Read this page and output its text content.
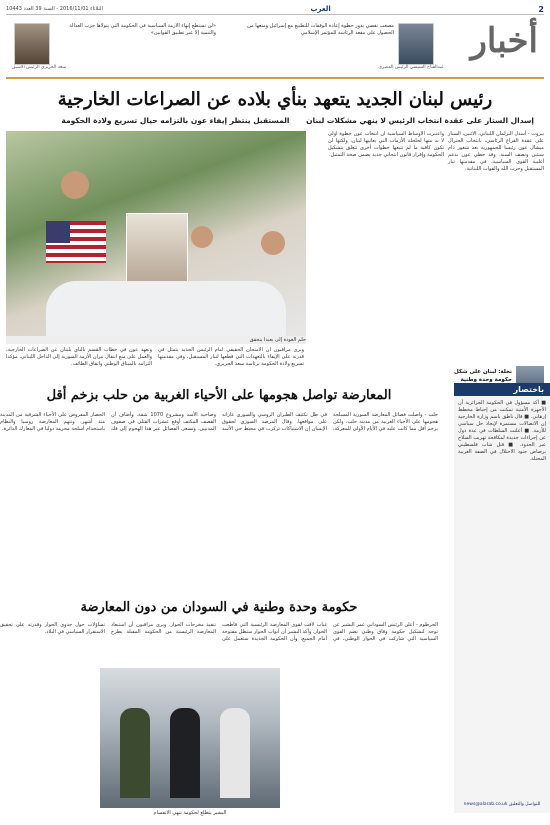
2
العرب
الثلاثاء 2016/11/01 - السنة 39 العدد 10443
أخبار
مصعب تقضي بدور خطوة إعادة الوقفات للتطبيع مع إسرائيل ومنعها من الحصول على مقعد الرئاسة للمؤتمر الإسلامي
عبدالفتاح السيسي الرئيس المصري
«لن نستطع إنهاء الازمة السياسية في الحكومة التي يتولاها حزب العدالة والتنمية إلا عبر تطبيق القوانين»
سعد الحريري الرئيس الأسبق
رئيس لبنان الجديد يتعهد بنأي بلاده عن الصراعات الخارجية
إسدال الستار على عقدة انتخاب الرئيس لا ينهي مشكلات لبنان المستقبل ينتظر إيفاء عون بالتزامه حيال تسريع ولادة الحكومة
بيروت - أسدل البرلمان اللبناني، الاثنين، الستار على عقدة الفراغ الرئاسي، بانتخاب الجنرال ميشال عون رئيسا للجمهورية بعد شغور دام سنتين ونصف السنة. وقد حظي عون بدعم أغلبية القوى السياسية، في مقدمتها تيار المستقبل وحزب الله والقوات اللبنانية.
نخلة: لبنان على شكل حكومة وحدة وطنية
واعتبرت الأوساط السياسية أن انتخاب عون خطوة أولى لا بد منها لحلحلة الأزمات التي يعانيها لبنان، ولكنها لن تكون كافية ما لم تتبعها خطوات أخرى تتعلق بتشكيل الحكومة وإقرار قانون انتخابي جديد يضمن صحة التمثيل.
حلم العودة إلى بعبدا يتحقق
وتعهد عون في خطاب القسم بالنأي بلبنان عن الصراعات الخارجية، والعمل على منع انتقال نيران الأزمة السورية إلى الداخل اللبناني، مؤكدا التزامه بالميثاق الوطني واتفاق الطائف.
ويرى مراقبون أن الامتحان الحقيقي أمام الرئيس الجديد يتمثل في قدرته على الإيفاء بالتعهدات التي قطعها لتيار المستقبل، وفي مقدمتها تسريع ولادة الحكومة برئاسة سعد الحريري.
باختصار
■ أكد مسؤول في الحكومة الجزائرية أن الأجهزة الأمنية تمكنت من إحباط مخطط إرهابي. ■ قال ناطق باسم وزارة الخارجية إن الاتصالات مستمرة لإيجاد حل سياسي للأزمة. ■ أعلنت السلطات في عدة دول عن إجراءات جديدة لمكافحة تهريب السلاح عبر الحدود. ■ قتل شاب فلسطيني برصاص جنود الاحتلال في الضفة الغربية المحتلة.
للتواصل والتعليق news@alarab.co.uk
المعارضة تواصل هجومها على الأحياء الغربية من حلب بزخم أقل
حلب - واصلت فصائل المعارضة السورية المسلحة هجومها على الأحياء الغربية من مدينة حلب، ولكن بزخم أقل مما كانت عليه في الأيام الأولى للمعركة، في ظل تكثيف الطيران الروسي والسوري غاراته على مواقعها. وقال المرصد السوري لحقوق الإنسان إن الاشتباكات تركزت في محيط حي الأسد وضاحية الأسد ومشروع 1070 شقة. وأضاف أن القصف المكثف أوقع عشرات القتلى في صفوف المدنيين. وتسعى الفصائل عبر هذا الهجوم إلى فك الحصار المفروض على الأحياء الشرقية من المدينة منذ أشهر. وتتهم المعارضة روسيا والنظام باستخدام أسلحة محرمة دوليا في المعارك الدائرة.
حكومة وحدة وطنية في السودان من دون المعارضة
الخرطوم - أعلن الرئيس السوداني عمر البشير عن توجه لتشكيل حكومة وفاق وطني تضم القوى السياسية التي شاركت في الحوار الوطني، في غياب لافت لقوى المعارضة الرئيسية التي قاطعت الحوار. وأكد البشير أن أبواب الحوار ستظل مفتوحة أمام الجميع، وأن الحكومة الجديدة ستعمل على تنفيذ مخرجات الحوار. ويرى مراقبون أن استبعاد المعارضة الرئيسية من الحكومة المقبلة يطرح تساؤلات حول جدوى الحوار وقدرته على تحقيق الاستقرار السياسي في البلاد.
البشير يتطلع لحكومة تنهي الانقسام
